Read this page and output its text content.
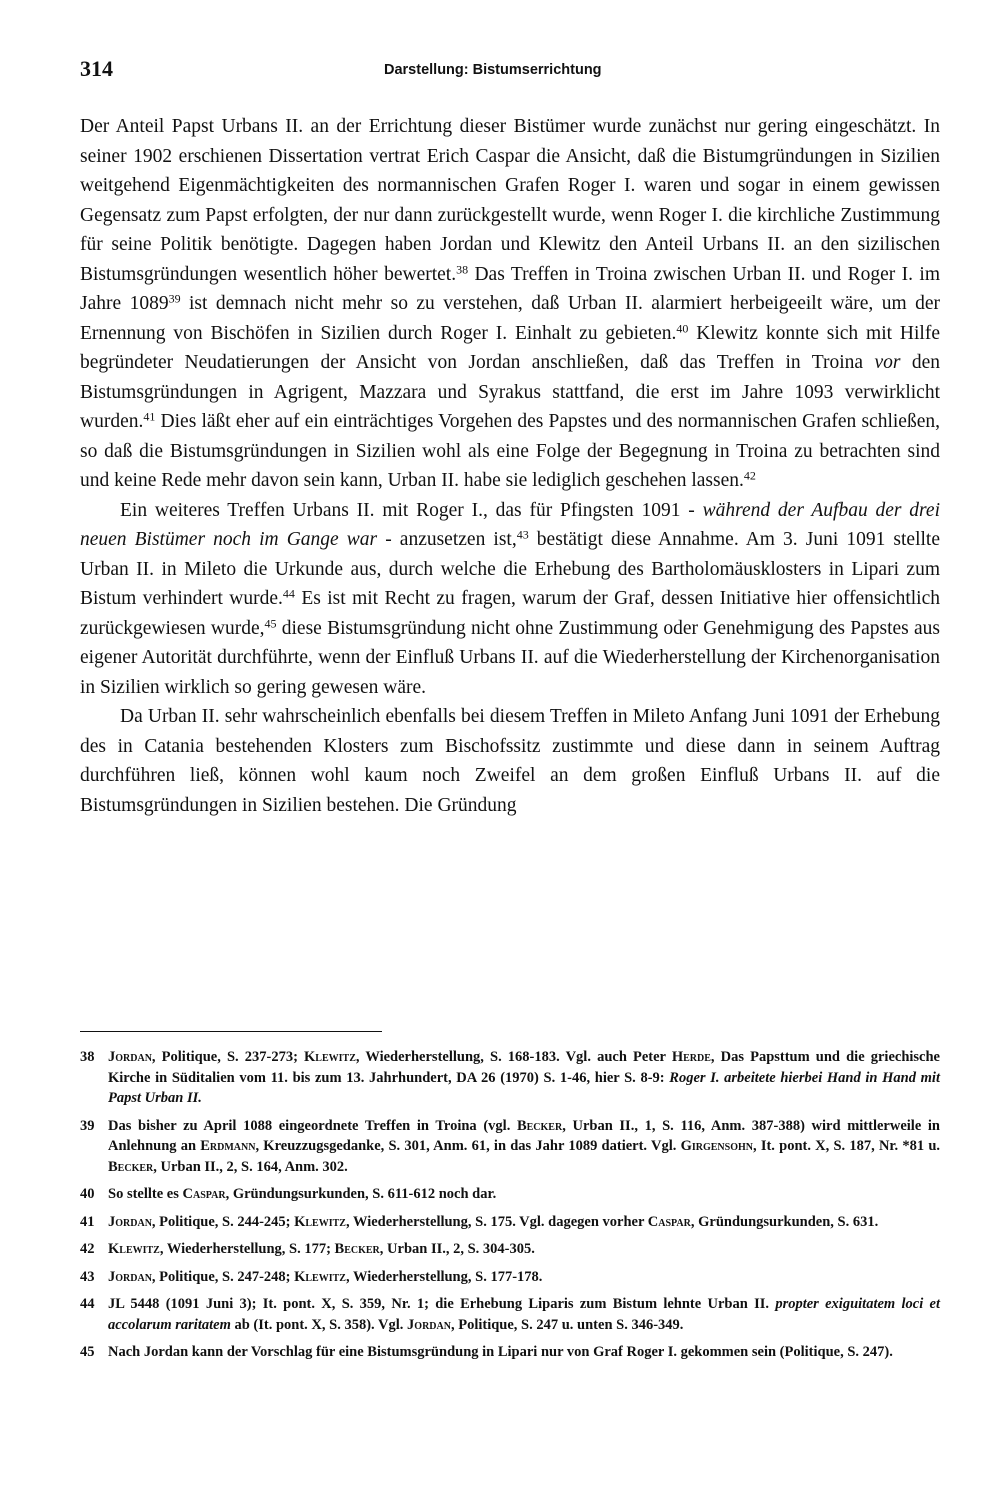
314	Darstellung: Bistumserrichtung

Der Anteil Papst Urbans II. an der Errichtung dieser Bistümer wurde zunächst nur gering eingeschätzt. In seiner 1902 erschienen Dissertation vertrat Erich Caspar die Ansicht, daß die Bistumgründungen in Sizilien weitgehend Eigenmächtigkeiten des normannischen Grafen Roger I. waren und sogar in einem gewissen Gegensatz zum Papst erfolgten, der nur dann zurückgestellt wurde, wenn Roger I. die kirchliche Zustimmung für seine Politik benötigte. Dagegen haben Jordan und Klewitz den Anteil Urbans II. an den sizilischen Bistumsgründungen wesentlich höher bewertet.$^{38}$ Das Treffen in Troina zwischen Urban II. und Roger I. im Jahre 1089$^{39}$ ist demnach nicht mehr so zu verstehen, daß Urban II. alarmiert herbeigeeilt wäre, um der Ernennung von Bischöfen in Sizilien durch Roger I. Einhalt zu gebieten.$^{40}$ Klewitz konnte sich mit Hilfe begründeter Neudatierungen der Ansicht von Jordan anschließen, daß das Treffen in Troina vor den Bistumsgründungen in Agrigent, Mazzara und Syrakus stattfand, die erst im Jahre 1093 verwirklicht wurden.$^{41}$ Dies läßt eher auf ein einträchtiges Vorgehen des Papstes und des normannischen Grafen schließen, so daß die Bistumsgründungen in Sizilien wohl als eine Folge der Begegnung in Troina zu betrachten sind und keine Rede mehr davon sein kann, Urban II. habe sie lediglich geschehen lassen.$^{42}$

Ein weiteres Treffen Urbans II. mit Roger I., das für Pfingsten 1091 - während der Aufbau der drei neuen Bistümer noch im Gange war - anzusetzen ist,$^{43}$ bestätigt diese Annahme. Am 3. Juni 1091 stellte Urban II. in Mileto die Urkunde aus, durch welche die Erhebung des Bartholomäusklosters in Lipari zum Bistum verhindert wurde.$^{44}$ Es ist mit Recht zu fragen, warum der Graf, dessen Initiative hier offensichtlich zurückgewiesen wurde,$^{45}$ diese Bistumsgründung nicht ohne Zustimmung oder Genehmigung des Papstes aus eigener Autorität durchführte, wenn der Einfluß Urbans II. auf die Wiederherstellung der Kirchenorganisation in Sizilien wirklich so gering gewesen wäre.

Da Urban II. sehr wahrscheinlich ebenfalls bei diesem Treffen in Mileto Anfang Juni 1091 der Erhebung des in Catania bestehenden Klosters zum Bischofssitz zustimmte und diese dann in seinem Auftrag durchführen ließ, können wohl kaum noch Zweifel an dem großen Einfluß Urbans II. auf die Bistumsgründungen in Sizilien bestehen. Die Gründung

38 Jordan, Politique, S. 237-273; Klewitz, Wiederherstellung, S. 168-183. Vgl. auch Peter Herde, Das Papsttum und die griechische Kirche in Süditalien vom 11. bis zum 13. Jahrhundert, DA 26 (1970) S. 1-46, hier S. 8-9: Roger I. arbeitete hierbei Hand in Hand mit Papst Urban II.
39 Das bisher zu April 1088 eingeordnete Treffen in Troina (vgl. Becker, Urban II., 1, S. 116, Anm. 387-388) wird mittlerweile in Anlehnung an Erdmann, Kreuzzugsgedanke, S. 301, Anm. 61, in das Jahr 1089 datiert. Vgl. Girgensohn, It. pont. X, S. 187, Nr. *81 u. Becker, Urban II., 2, S. 164, Anm. 302.
40 So stellte es Caspar, Gründungsurkunden, S. 611-612 noch dar.
41 Jordan, Politique, S. 244-245; Klewitz, Wiederherstellung, S. 175. Vgl. dagegen vorher Caspar, Gründungsurkunden, S. 631.
42 Klewitz, Wiederherstellung, S. 177; Becker, Urban II., 2, S. 304-305.
43 Jordan, Politique, S. 247-248; Klewitz, Wiederherstellung, S. 177-178.
44 JL 5448 (1091 Juni 3); It. pont. X, S. 359, Nr. 1; die Erhebung Liparis zum Bistum lehnte Urban II. propter exiguitatem loci et accolarum raritatem ab (It. pont. X, S. 358). Vgl. Jordan, Politique, S. 247 u. unten S. 346-349.
45 Nach Jordan kann der Vorschlag für eine Bistumsgründung in Lipari nur von Graf Roger I. gekommen sein (Politique, S. 247).
